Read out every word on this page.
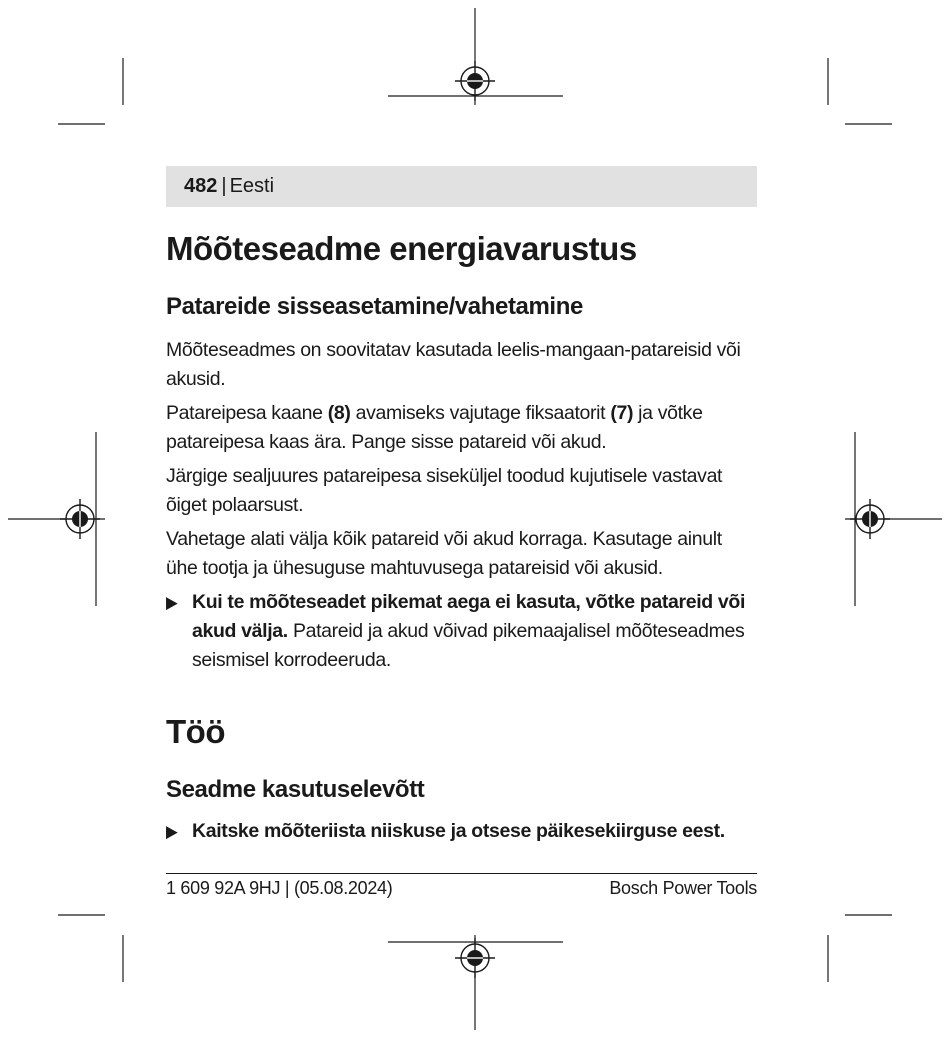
482 | Eesti
Mõõteseadme energiavarustus
Patareide sisseasetamine/vahetamine

Mõõteseadmes on soovitatav kasutada leelis-mangaan-patareisid või akusid.

Patareipesa kaane (8) avamiseks vajutage fiksaatorit (7) ja võtke patareipesa kaas ära. Pange sisse patareid või akud.

Järgige sealjuures patareipesa siseküljel toodud kujutisele vastavat õiget polaarsust.

Vahetage alati välja kõik patareid või akud korraga. Kasutage ainult ühe tootja ja ühesuguse mahtuvusega patareisid või akusid.

▶ Kui te mõõteseadet pikemat aega ei kasuta, võtke patareid või akud välja. Patareid ja akud võivad pikemaajalisel mõõteseadmes seismisel korrodeeruda.

Töö
Seadme kasutuselevõtt

▶ Kaitske mõõteriista niiskuse ja otsese päikesekiirguse eest.

1 609 92A 9HJ | (05.08.2024)	Bosch Power Tools
